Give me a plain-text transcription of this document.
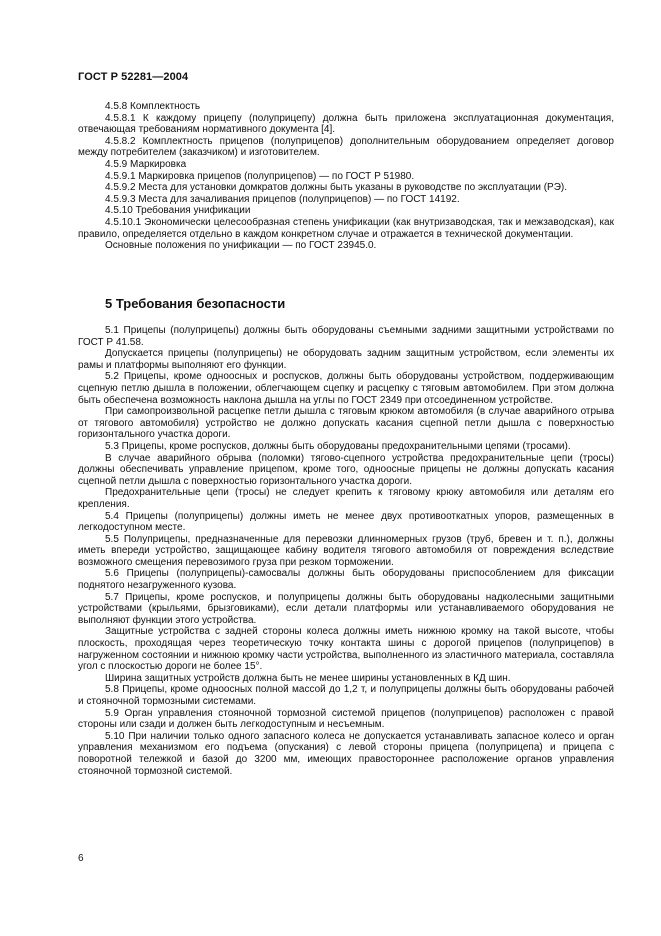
ГОСТ Р 52281—2004

4.5.8 Комплектность

4.5.8.1 К каждому прицепу (полуприцепу) должна быть приложена эксплуатационная документация, отвечающая требованиям нормативного документа [4].

4.5.8.2 Комплектность прицепов (полуприцепов) дополнительным оборудованием определяет договор между потребителем (заказчиком) и изготовителем.

4.5.9 Маркировка

4.5.9.1 Маркировка прицепов (полуприцепов) — по ГОСТ Р 51980.

4.5.9.2 Места для установки домкратов должны быть указаны в руководстве по эксплуатации (РЭ).

4.5.9.3 Места для зачаливания прицепов (полуприцепов) — по ГОСТ 14192.

4.5.10 Требования унификации

4.5.10.1 Экономически целесообразная степень унификации (как внутризаводская, так и межзаводская), как правило, определяется отдельно в каждом конкретном случае и отражается в технической документации.

Основные положения по унификации — по ГОСТ 23945.0.

5 Требования безопасности

5.1 Прицепы (полуприцепы) должны быть оборудованы съемными задними защитными устройствами по ГОСТ Р 41.58.

Допускается прицепы (полуприцепы) не оборудовать задним защитным устройством, если элементы их рамы и платформы выполняют его функции.

5.2 Прицепы, кроме одноосных и роспусков, должны быть оборудованы устройством, поддерживающим сцепную петлю дышла в положении, облегчающем сцепку и расцепку с тяговым автомобилем. При этом должна быть обеспечена возможность наклона дышла на углы по ГОСТ 2349 при отсоединенном устройстве.

При самопроизвольной расцепке петли дышла с тяговым крюком автомобиля (в случае аварийного отрыва от тягового автомобиля) устройство не должно допускать касания сцепной петли дышла с поверхностью горизонтального участка дороги.

5.3 Прицепы, кроме роспусков, должны быть оборудованы предохранительными цепями (тросами).

В случае аварийного обрыва (поломки) тягово-сцепного устройства предохранительные цепи (тросы) должны обеспечивать управление прицепом, кроме того, одноосные прицепы не должны допускать касания сцепной петли дышла с поверхностью горизонтального участка дороги.

Предохранительные цепи (тросы) не следует крепить к тяговому крюку автомобиля или деталям его крепления.

5.4 Прицепы (полуприцепы) должны иметь не менее двух противооткатных упоров, размещенных в легкодоступном месте.

5.5 Полуприцепы, предназначенные для перевозки длинномерных грузов (труб, бревен и т. п.), должны иметь впереди устройство, защищающее кабину водителя тягового автомобиля от повреждения вследствие возможного смещения перевозимого груза при резком торможении.

5.6 Прицепы (полуприцепы)-самосвалы должны быть оборудованы приспособлением для фиксации поднятого незагруженного кузова.

5.7 Прицепы, кроме роспусков, и полуприцепы должны быть оборудованы надколесными защитными устройствами (крыльями, брызговиками), если детали платформы или устанавливаемого оборудования не выполняют функции этого устройства.

Защитные устройства с задней стороны колеса должны иметь нижнюю кромку на такой высоте, чтобы плоскость, проходящая через теоретическую точку контакта шины с дорогой прицепов (полуприцепов) в нагруженном состоянии и нижнюю кромку части устройства, выполненного из эластичного материала, составляла угол с плоскостью дороги не более 15°.

Ширина защитных устройств должна быть не менее ширины установленных в КД шин.

5.8 Прицепы, кроме одноосных полной массой до 1,2 т, и полуприцепы должны быть оборудованы рабочей и стояночной тормозными системами.

5.9 Орган управления стояночной тормозной системой прицепов (полуприцепов) расположен с правой стороны или сзади и должен быть легкодоступным и несъемным.

5.10 При наличии только одного запасного колеса не допускается устанавливать запасное колесо и орган управления механизмом его подъема (опускания) с левой стороны прицепа (полуприцепа) и прицепа с поворотной тележкой и базой до 3200 мм, имеющих правостороннее расположение органов управления стояночной тормозной системой.

6
